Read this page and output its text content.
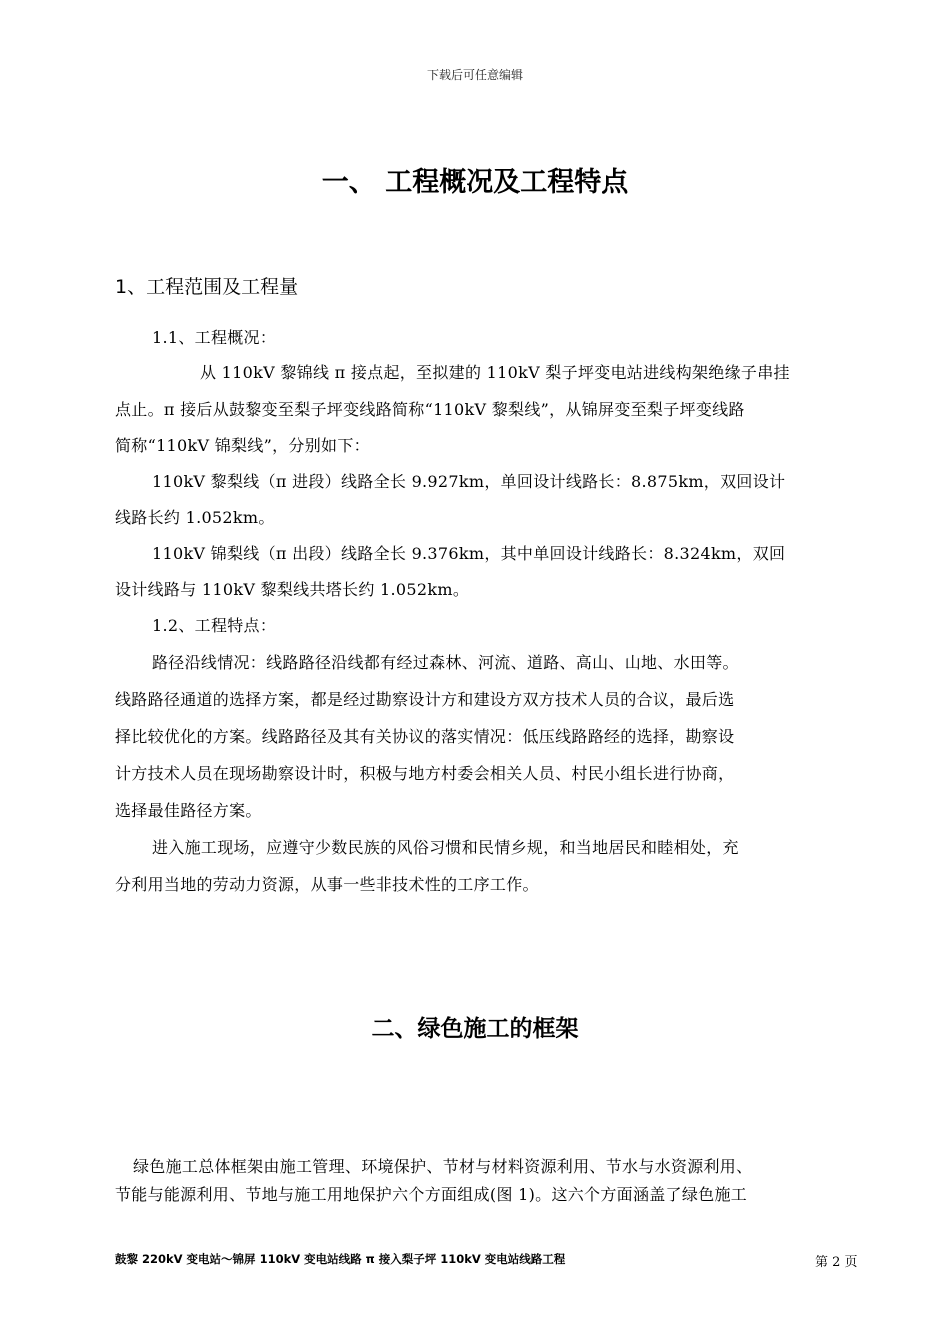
下载后可任意编辑
一、 工程概况及工程特点
1、工程范围及工程量
1.1、工程概况：
从 110kV 黎锦线 π 接点起，至拟建的 110kV 梨子坪变电站进线构架绝缘子串挂
点止。π 接后从鼓黎变至梨子坪变线路简称“110kV 黎梨线”，从锦屏变至梨子坪变线路
简称“110kV 锦梨线”，分别如下：
110kV 黎梨线（π 进段）线路全长 9.927km，单回设计线路长：8.875km，双回设计
线路长约 1.052km。
110kV 锦梨线（π 出段）线路全长 9.376km，其中单回设计线路长：8.324km，双回
设计线路与 110kV 黎梨线共塔长约 1.052km。
1.2、工程特点：
路径沿线情况：线路路径沿线都有经过森林、河流、道路、高山、山地、水田等。
线路路径通道的选择方案，都是经过勘察设计方和建设方双方技术人员的合议，最后选
择比较优化的方案。线路路径及其有关协议的落实情况：低压线路路经的选择，勘察设
计方技术人员在现场勘察设计时，积极与地方村委会相关人员、村民小组长进行协商，
选择最佳路径方案。
进入施工现场，应遵守少数民族的风俗习惯和民情乡规，和当地居民和睦相处，充
分利用当地的劳动力资源，从事一些非技术性的工序工作。
二、绿色施工的框架
绿色施工总体框架由施工管理、环境保护、节材与材料资源利用、节水与水资源利用、
节能与能源利用、节地与施工用地保护六个方面组成(图 1)。这六个方面涵盖了绿色施工
鼓黎 220kV 变电站～锦屏 110kV 变电站线路 π 接入梨子坪 110kV 变电站线路工程	第 2 页
